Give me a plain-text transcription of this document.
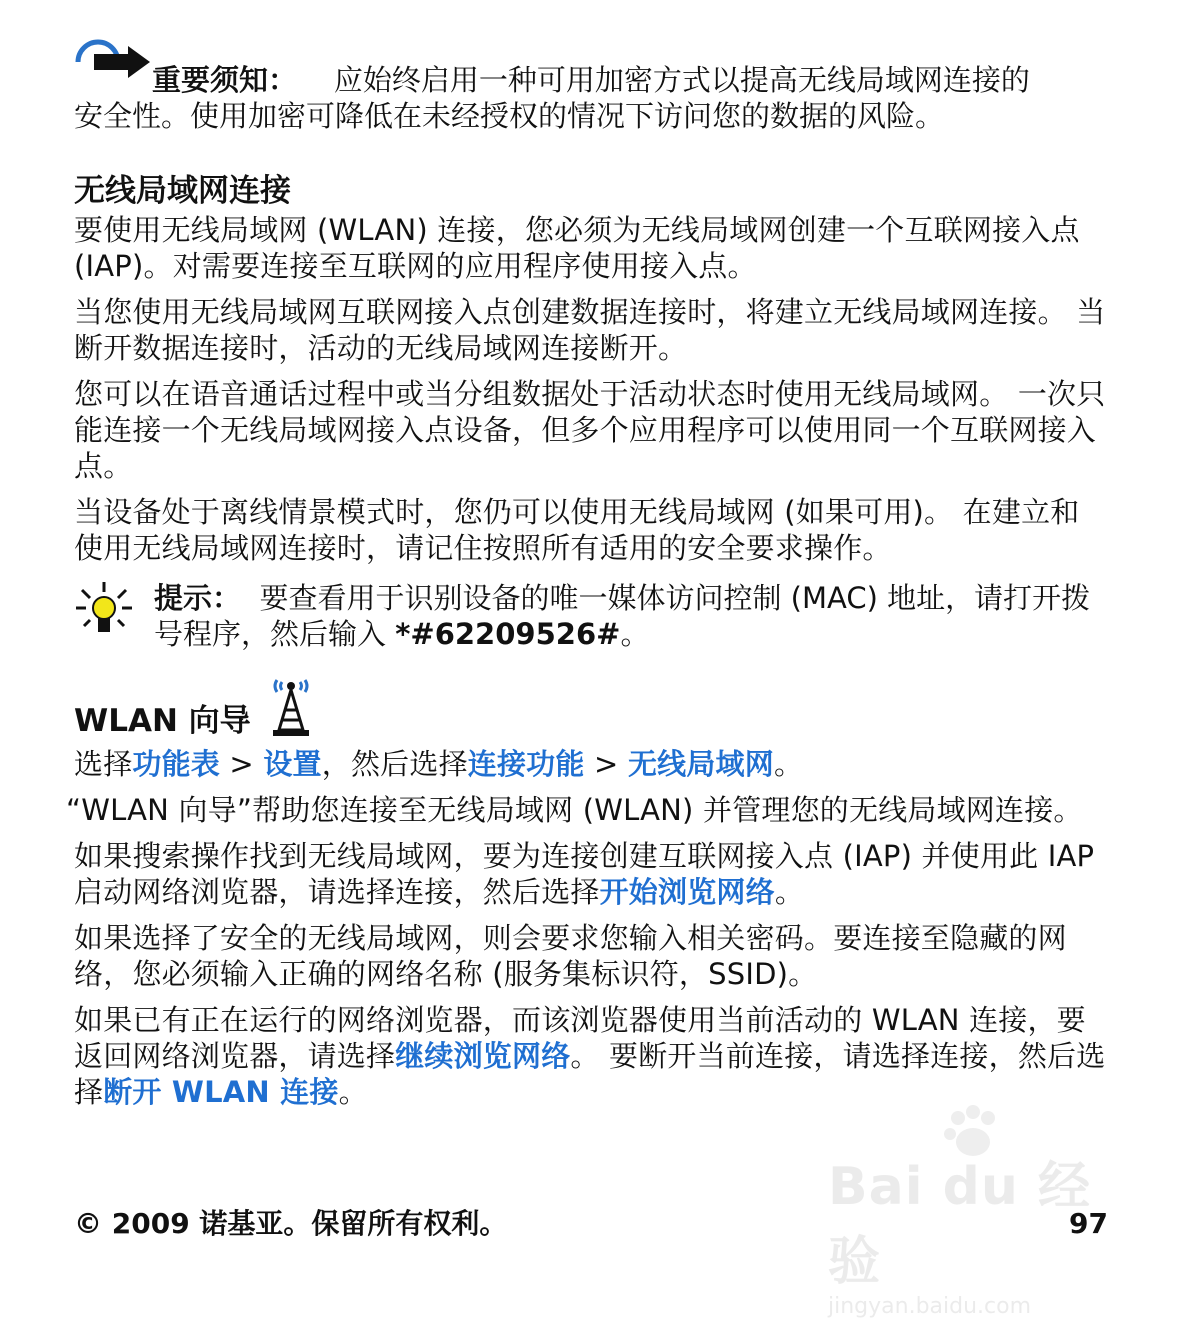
重要须知： 应始终启用一种可用加密方式以提高无线局域网连接的
安全性。使用加密可降低在未经授权的情况下访问您的数据的风险。
无线局域网连接

要使用无线局域网 (WLAN) 连接，您必须为无线局域网创建一个互联网接入点 (IAP)。对需要连接至互联网的应用程序使用接入点。

当您使用无线局域网互联网接入点创建数据连接时，将建立无线局域网连接。 当断开数据连接时，活动的无线局域网连接断开。

您可以在语音通话过程中或当分组数据处于活动状态时使用无线局域网。 一次只能连接一个无线局域网接入点设备，但多个应用程序可以使用同一个互联网接入点。

当设备处于离线情景模式时，您仍可以使用无线局域网 (如果可用)。 在建立和使用无线局域网连接时，请记住按照所有适用的安全要求操作。

提示： 要查看用于识别设备的唯一媒体访问控制 (MAC) 地址，请打开拨号程序，然后输入 *#62209526#。
WLAN 向导

选择功能表 > 设置，然后选择连接功能 > 无线局域网。

“WLAN 向导”帮助您连接至无线局域网 (WLAN) 并管理您的无线局域网连接。

如果搜索操作找到无线局域网，要为连接创建互联网接入点 (IAP) 并使用此 IAP 启动网络浏览器，请选择连接，然后选择开始浏览网络。

如果选择了安全的无线局域网，则会要求您输入相关密码。要连接至隐藏的网络，您必须输入正确的网络名称 (服务集标识符，SSID)。

如果已有正在运行的网络浏览器，而该浏览器使用当前活动的 WLAN 连接，要返回网络浏览器，请选择继续浏览网络。 要断开当前连接，请选择连接，然后选择断开 WLAN 连接。

Bai du 经验
jingyan.baidu.com
© 2009 诺基亚。保留所有权利。	97
